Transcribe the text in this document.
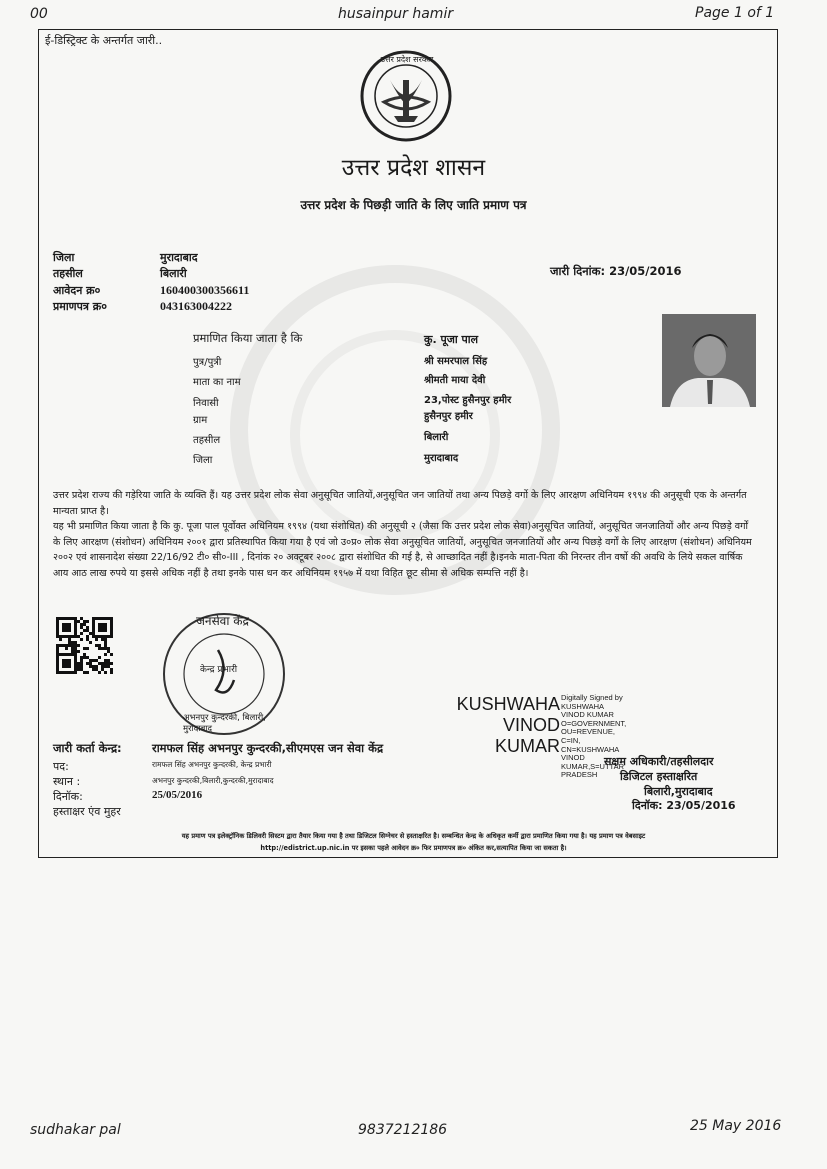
00	husainpur hamir	Page 1 of 1
ई-डिस्ट्रिक्ट के अन्तर्गत जारी..
उत्तर प्रदेश सरकार
उत्तर प्रदेश शासन
उत्तर प्रदेश के पिछड़ी जाति के लिए जाति प्रमाण पत्र
जिला	मुरादाबाद
तहसील	बिलारी
आवेदन क्र०	160400300356611
प्रमाणपत्र क्र०	043163004222
जारी दिनांक: 23/05/2016
प्रमाणित किया जाता है कि	कु. पूजा पाल
पुत्र/पुत्री	श्री समरपाल सिंह
माता का नाम	श्रीमती माया देवी
निवासी	23,पोस्ट हुसैनपुर हमीर
ग्राम	हुसैनपुर हमीर
तहसील	बिलारी
जिला	मुरादाबाद
उत्तर प्रदेश राज्य की गड़ेरिया जाति के व्यक्ति हैं। यह उत्तर प्रदेश लोक सेवा अनुसूचित जातियों,अनुसूचित जन जातियों तथा अन्य पिछड़े वर्गो के लिए आरक्षण अधिनियम १९९४ की अनुसूची एक के अन्तर्गत मान्यता प्राप्त है।
यह भी प्रमाणित किया जाता है कि कु. पूजा पाल पूर्वोक्त अधिनियम १९९४ (यथा संशोधित) की अनुसूची २ (जैसा कि उत्तर प्रदेश लोक सेवा)अनुसूचित जातियों, अनुसूचित जनजातियों और अन्य पिछड़े वर्गों के लिए आरक्षण (संशोधन) अधिनियम २००१ द्वारा प्रतिस्थापित किया गया है एवं जो उ०प्र० लोक सेवा अनुसूचित जातियों, अनुसूचित जनजातियों और अन्य पिछड़े वर्गों के लिए आरक्षण (संशोधन) अधिनियम २००२ एवं शासनादेश संख्या 22/16/92 टी० सी०-III , दिनांक २० अक्टूबर २००८ द्वारा संशोधित की गई है, से आच्छादित नहीं है।इनके माता-पिता की निरन्तर तीन वर्षो की अवधि के लिये सकल वार्षिक आय आठ लाख रुपये या इससे अधिक नहीं है तथा इनके पास धन कर अधिनियम १९५७ में यथा विहित छूट सीमा से अधिक सम्पत्ति नहीं है।
जनसेवा केंद्र
अभनपुर कुन्दरकी, बिलारी, मुरादाबाद
केन्द्र प्रभारी
KUSHWAHA
VINOD
KUMAR
Digitally Signed by
KUSHWAHA
VINOD KUMAR
O=GOVERNMENT,
OU=REVENUE,
C=IN,
CN=KUSHWAHA
VINOD
KUMAR,S=UTTAR
PRADESH
जारी कर्ता केन्द्र:	रामफल सिंह अभनपुर कुन्दरकी,सीएमएस जन सेवा केंद्र
पद:	रामफल सिंह अभनपुर कुन्दरकी, केन्द्र प्रभारी
स्थान :	अभनपुर कुन्दरकी,बिलारी,कुन्दरकी,मुरादाबाद
दिनॉक:	25/05/2016
हस्ताक्षर एंव मुहर
सक्षम अधिकारी/तहसीलदार
डिजिटल हस्ताक्षरित
बिलारी,मुरादाबाद
दिनॉक: 23/05/2016
यह प्रमाण पत्र इलेक्ट्रॉनिक डिलिवरी सिस्टम द्वारा तैयार किया गया है तथा डिजिटल सिग्नेचर से हस्ताक्षरित है। सम्बन्धित केन्द्र के अधिकृत कर्मी द्वारा प्रमाणित किया गया है। यह प्रमाण पत्र वेबसाइट
http://edistrict.up.nic.in पर इसका पहले आवेदन क्र० फिर प्रमाणपत्र क्र० अंकित कर,सत्यापित किया जा सकता है।
sudhakar pal	9837212186	25 May 2016
